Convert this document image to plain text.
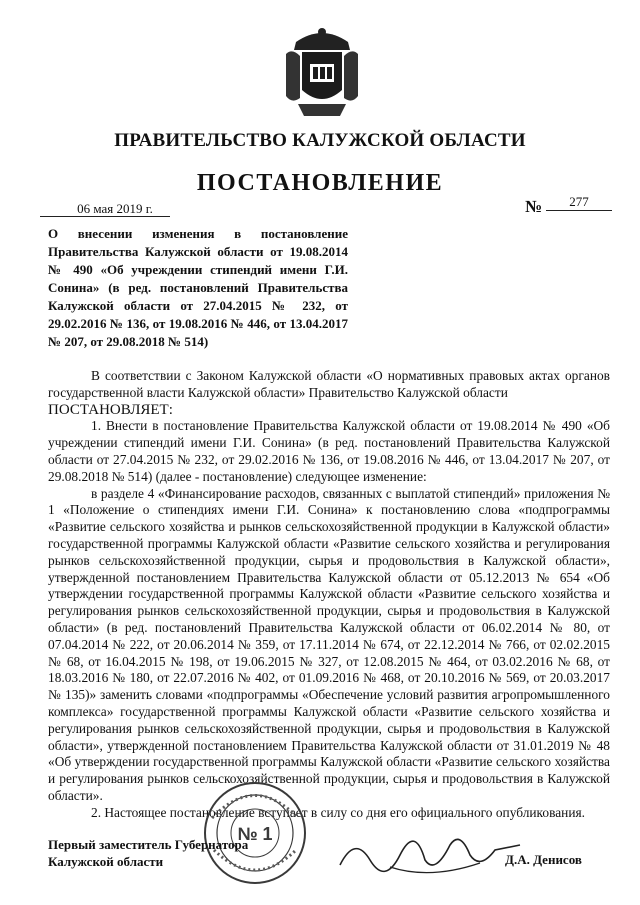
ПРАВИТЕЛЬСТВО КАЛУЖСКОЙ ОБЛАСТИ
ПОСТАНОВЛЕНИЕ
06 мая 2019 г.	№	277
О внесении изменения в постановление Правительства Калужской области от 19.08.2014 № 490 «Об учреждении стипендий имени Г.И. Сонина» (в ред. постановлений Правительства Калужской области от 27.04.2015 № 232, от 29.02.2016 № 136, от 19.08.2016 № 446, от 13.04.2017 № 207, от 29.08.2018 № 514)

В соответствии с Законом Калужской области «О нормативных правовых актах органов государственной власти Калужской области» Правительство Калужской области

ПОСТАНОВЛЯЕТ:

1. Внести в постановление Правительства Калужской области от 19.08.2014 № 490 «Об учреждении стипендий имени Г.И. Сонина» (в ред. постановлений Правительства Калужской области от 27.04.2015 № 232, от 29.02.2016 № 136, от 19.08.2016 № 446, от 13.04.2017 № 207, от 29.08.2018 № 514) (далее - постановление) следующее изменение:

в разделе 4 «Финансирование расходов, связанных с выплатой стипендий» приложения № 1 «Положение о стипендиях имени Г.И. Сонина» к постановлению слова «подпрограммы «Развитие сельского хозяйства и рынков сельскохозяйственной продукции в Калужской области» государственной программы Калужской области «Развитие сельского хозяйства и регулирования рынков сельскохозяйственной продукции, сырья и продовольствия в Калужской области», утвержденной постановлением Правительства Калужской области от 05.12.2013 № 654 «Об утверждении государственной программы Калужской области «Развитие сельского хозяйства и регулирования рынков сельскохозяйственной продукции, сырья и продовольствия в Калужской области» (в ред. постановлений Правительства Калужской области от 06.02.2014 № 80, от 07.04.2014 № 222, от 20.06.2014 № 359, от 17.11.2014 № 674, от 22.12.2014 № 766, от 02.02.2015 № 68, от 16.04.2015 № 198, от 19.06.2015 № 327, от 12.08.2015 № 464, от 03.02.2016 № 68, от 18.03.2016 № 180, от 22.07.2016 № 402, от 01.09.2016 № 468, от 20.10.2016 № 569, от 20.03.2017 № 135)» заменить словами «подпрограммы «Обеспечение условий развития агропромышленного комплекса» государственной программы Калужской области «Развитие сельского хозяйства и регулирования рынков сельскохозяйственной продукции, сырья и продовольствия в Калужской области», утвержденной постановлением Правительства Калужской области от 31.01.2019 № 48 «Об утверждении государственной программы Калужской области «Развитие сельского хозяйства и регулирования рынков сельскохозяйственной продукции, сырья и продовольствия в Калужской области».

2. Настоящее постановление вступает в силу со дня его официального опубликования.

№ 1
Первый заместитель Губернатора Калужской области	Д.А. Денисов
